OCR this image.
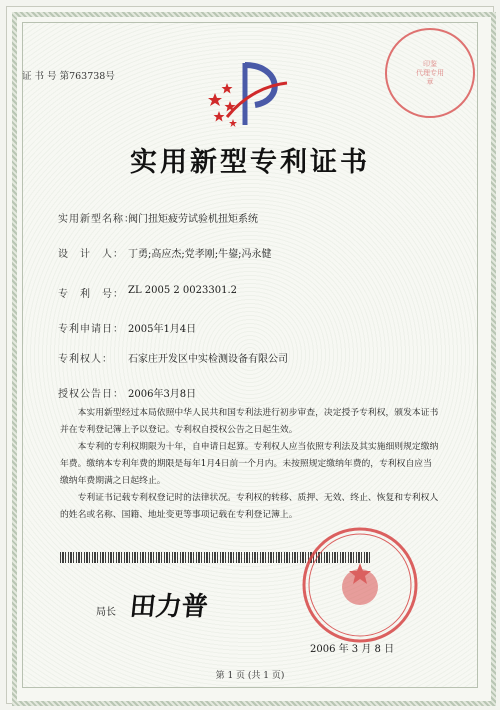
证 书 号 第763738号
印鉴
代理专用章
实用新型专利证书
实用新型名称：
阀门扭矩疲劳试验机扭矩系统
设　计　人： 丁勇;高应杰;党孝刚;牛鋆;冯永健
专　利　号： ZL 2005 2 0023301.2
专利申请日： 2005年1月4日
专利权人： 石家庄开发区中实检测设备有限公司
授权公告日： 2006年3月8日

本实用新型经过本局依照中华人民共和国专利法进行初步审查，决定授予专利权，颁发本证书并在专利登记簿上予以登记。专利权自授权公告之日起生效。

本专利的专利权期限为十年，自申请日起算。专利权人应当依照专利法及其实施细则规定缴纳年费。缴纳本专利年费的期限是每年1月4日前一个月内。未按照规定缴纳年费的，专利权自应当缴纳年费期满之日起终止。

专利证书记载专利权登记时的法律状况。专利权的转移、质押、无效、终止、恢复和专利权人的姓名或名称、国籍、地址变更等事项记载在专利登记簿上。

局长 田力普
2006 年 3 月 8 日
第 1 页 (共 1 页)
